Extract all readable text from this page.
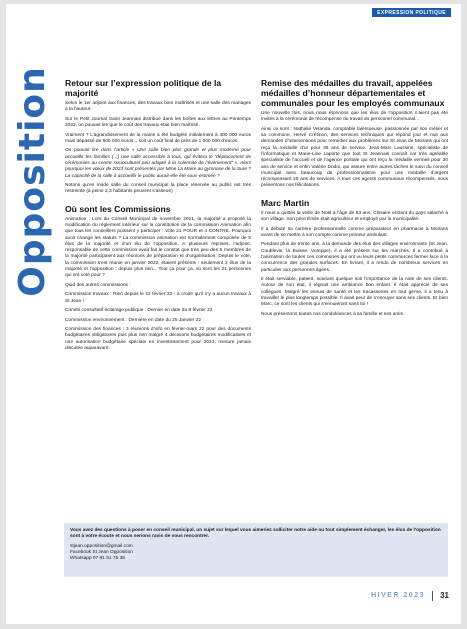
EXPRESSION POLITIQUE
Opposition Retour sur l’expression politique de la majorité

Selon le 1er adjoint aux finances, des travaux bien maîtrisés et une salle des mariages à la hauteur.

Sur le Petit Journal Saint Jeannais distribué dans les boîtes aux lettres au Printemps 2022, on pouvait lire que le coût des travaux était bien maîtrisé.

Vraiment ? L’agrandissement de la mairie a été budgété initialement à 400 000 euros mais dépassé de 600 000 euros... soit un coût final de près de 1 000 000 d’euros.

On pouvait lire dans l’article « Une salle bien plus grande et plus moderne pour accueillir les familles (...) une salle accessible à tous, qui évitera le “déplacement de cérémonies au centre socioculturel peu adapté à la solennité de l’évènement” ». Alors pourquoi les vœux de 2023 sont présentés par Mme La Maire au gymnase de la Sure ? La capacité de la salle à accueillir le public aurait-elle été sous-estimée ?

Notons qu’en mode salle du conseil municipal la place réservée au public est très restreinte (à peine 2,3 habitants peuvent s’asseoir)

Où sont les Commissions

Animation : Lors du Conseil Municipal de novembre 2021, la majorité a proposé la modification du règlement intérieur sur la constitution de la commission Animation afin que tous les conseillers puissent y participer : Vote 21 POUR et 4 CONTRE. Pourquoi avoir changé les statuts ? La commission animation est normalement composée de 5 élus de la majorité et d’un élu de l’opposition. A plusieurs reprises, l’adjoint, responsable de cette commission avait fait le constat que très peu des 5 membres de la majorité participaient aux réunions de préparation et d’organisation. Depuis le vote, la commission s’est réunie en janvier 2022, étaient présents : seulement 2 élus de la majorité et l’opposition ; depuis plus rien... Tout ça pour ça, où sont les 21 personnes qui ont voté pour ?

Quid des autres commissions :

Commission travaux : Rien depuis le 22 février 22 - à croire qu’il n’y a aucun travaux à St Jean !

Comité consultatif éclairage publique : Dernier en date du 8 février 22

Commission environnement : Dernière en date du 25 Janvier 22

Commission des finances : 3 réunions d’info en février-mars 22 pour des documents budgétaires obligatoires puis plus rien malgré 4 décisions budgétaires modificatives et une autorisation budgétaire spéciale en investissement pour 2023, mesure jamais discutée auparavant.

Remise des médailles du travail, appelées médailles d’honneur départementales et communales pour les employés communaux

Une nouvelle fois, nous nous étonnons que les élus de l’opposition n’aient pas été invités à la cérémonie de récompense du travail du personnel communal...

Ainsi ce sont : Nathalie Velanda, comptable talentueuse, passionnée par son métier et sa commune, Hervé Crétinon, des services techniques qui répond jour et nuit aux demandes d’interventions pour remédier aux problèmes sur St Jean de Moirans qui ont reçu la médaille d’or pour 35 ans de service. Jean-Marc Laussine, spécialiste de l’informatique et Marie-Line Laporte que tout St Jeannais connaît car très agréable spécialiste de l’accueil et de l’agence postale qui ont reçu la médaille vermeil pour 30 ans de service et enfin Valérie Dodoi, qui assure entre autres tâches le suivi du conseil municipal avec beaucoup de professionnalisme pour une médaille d’argent récompensant 20 ans de services. A tous ces agents communaux récompensés, nous présentons nos félicitations.

Marc Martin

Il nous a quittés la veille de Noël à l’âge de 63 ans. Cliniaire entrant du pays salaché à son village. Son père Émile était agriculteur et employé par la municipalité.

Il a débuté sa carrière professionnelle comme préparateur en pharmacie à Moirans avant de se mettre à son compte comme primeur ambulant.

Pendant plus de trente ans, à la demande des élus des villages environnants (St Jean, Coublevie, la Buisse, Voreppe), il a été présent sur les marchés. Il a contribué à l’animation de toutes ces communes qui ont vu leurs petits commerces fermer face à la concurrence des grandes surfaces. En livrant, il a rendu de nombreux services en particulier aux personnes âgées.

Il était serviable, patient, souriant quelque soit l’importance de la note de ses clients. Autour de son étal, il régnait une ambiance bon enfant. Il était apprécié de ses collègues. Malgré les ennuis de santé et les tracasseries en tout genre, il a tenu à travailler le plus longtemps possible. Il avait peur de s’ennuyer sans ses clients. Et bien Marc, ce sont les clients qui s’ennuieront sans toi !

Nous présentons toutes nos condoléances à sa famille et ses amis.

Vous avez des questions à poser en conseil municipal, un sujet sur lequel vous aimeriez solliciter notre aide ou tout simplement échanger, les élus de l’opposition sont à votre écoute et nous serions ravis de vous rencontrer.

stjean.opposition@gmail.com

Facebook St Jean Opposition

Whatsapp 07 81 51 75 38

HIVER 2023 31
